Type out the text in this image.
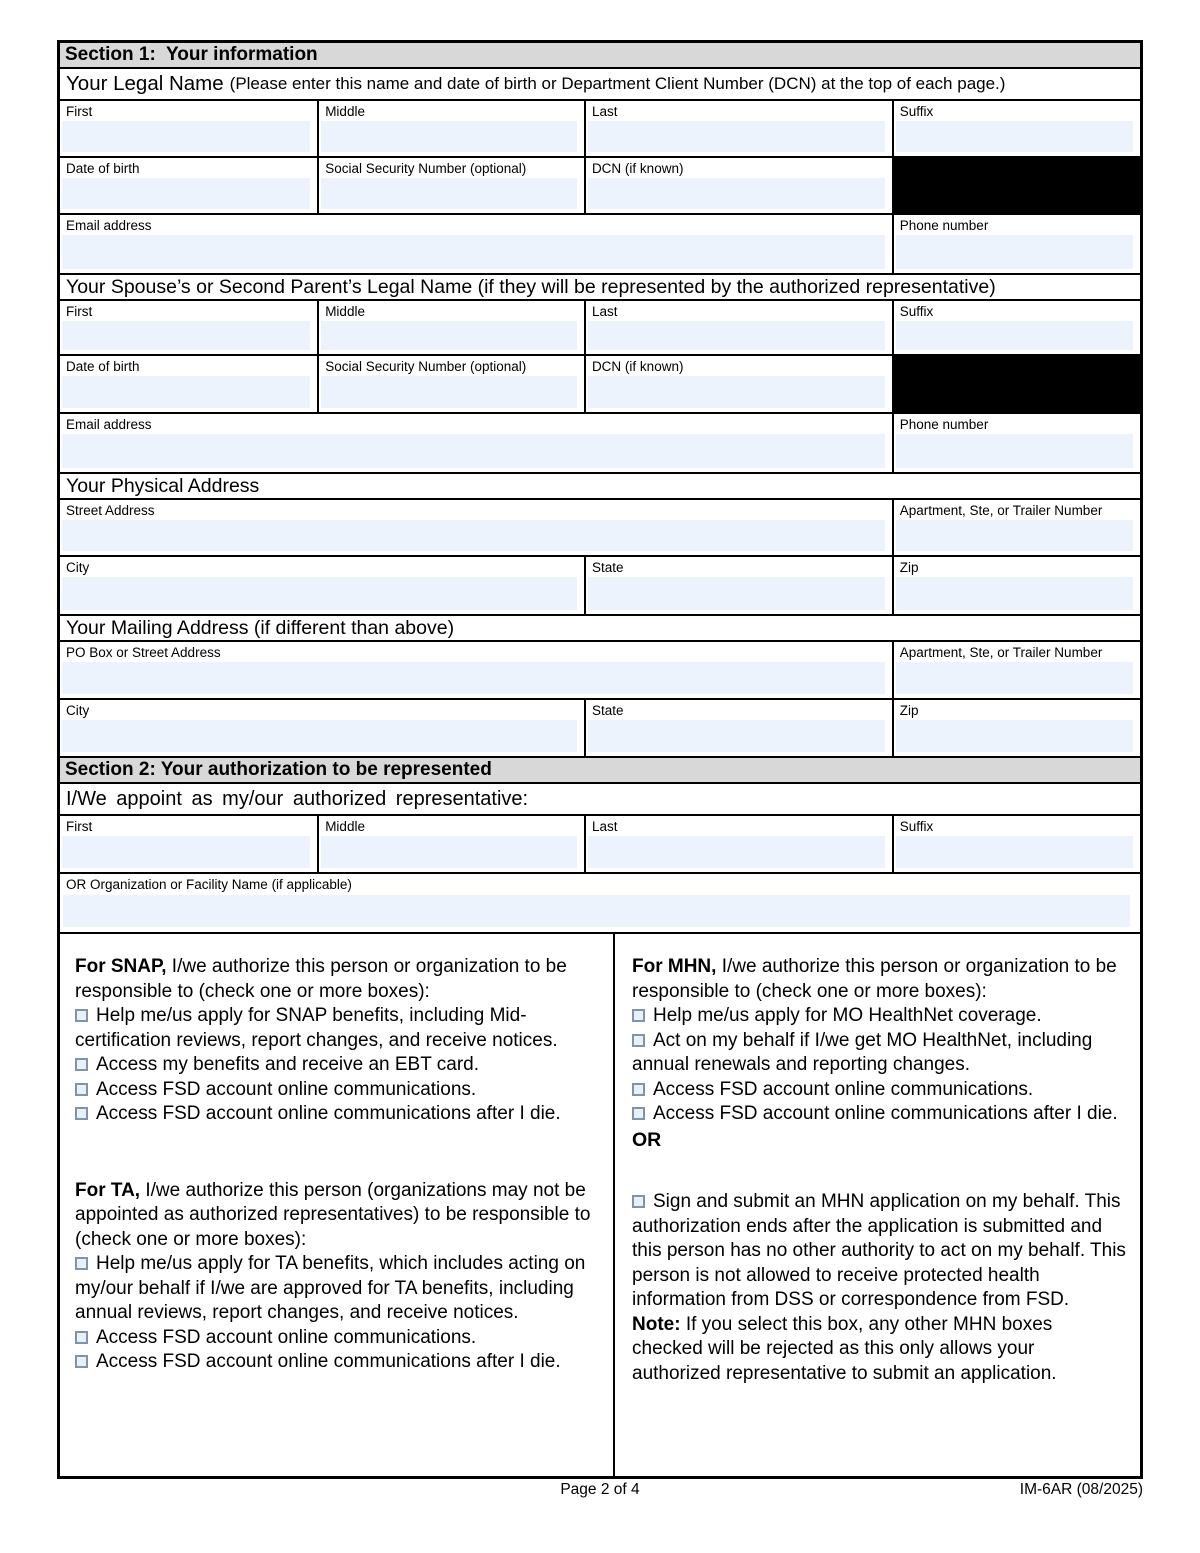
Section 1:  Your information
Your Legal Name (Please enter this name and date of birth or Department Client Number (DCN) at the top of each page.)
First	Middle	Last	Suffix
Date of birth	Social Security Number (optional)	DCN (if known)
Email address	Phone number
Your Spouse’s or Second Parent’s Legal Name (if they will be represented by the authorized representative)
First	Middle	Last	Suffix
Date of birth	Social Security Number (optional)	DCN (if known)
Email address	Phone number
Your Physical Address
Street Address	Apartment, Ste, or Trailer Number
City	State	Zip
Your Mailing Address (if different than above)
PO Box or Street Address	Apartment, Ste, or Trailer Number
City	State	Zip
Section 2: Your authorization to be represented
I/We appoint as my/our authorized representative:
First	Middle	Last	Suffix
OR Organization or Facility Name (if applicable)
For SNAP, I/we authorize this person or organization to be responsible to (check one or more boxes):
Help me/us apply for SNAP benefits, including Mid-certification reviews, report changes, and receive notices.
Access my benefits and receive an EBT card.
Access FSD account online communications.
Access FSD account online communications after I die.
For TA, I/we authorize this person (organizations may not be appointed as authorized representatives) to be responsible to (check one or more boxes):
Help me/us apply for TA benefits, which includes acting on my/our behalf if I/we are approved for TA benefits, including annual reviews, report changes, and receive notices.
Access FSD account online communications.
Access FSD account online communications after I die.
For MHN, I/we authorize this person or organization to be responsible to (check one or more boxes):
Help me/us apply for MO HealthNet coverage.
Act on my behalf if I/we get MO HealthNet, including annual renewals and reporting changes.
Access FSD account online communications.
Access FSD account online communications after I die.
OR
Sign and submit an MHN application on my behalf. This authorization ends after the application is submitted and this person has no other authority to act on my behalf. This person is not allowed to receive protected health information from DSS or correspondence from FSD.
Note: If you select this box, any other MHN boxes checked will be rejected as this only allows your authorized representative to submit an application.
Page 2 of 4	IM-6AR (08/2025)
